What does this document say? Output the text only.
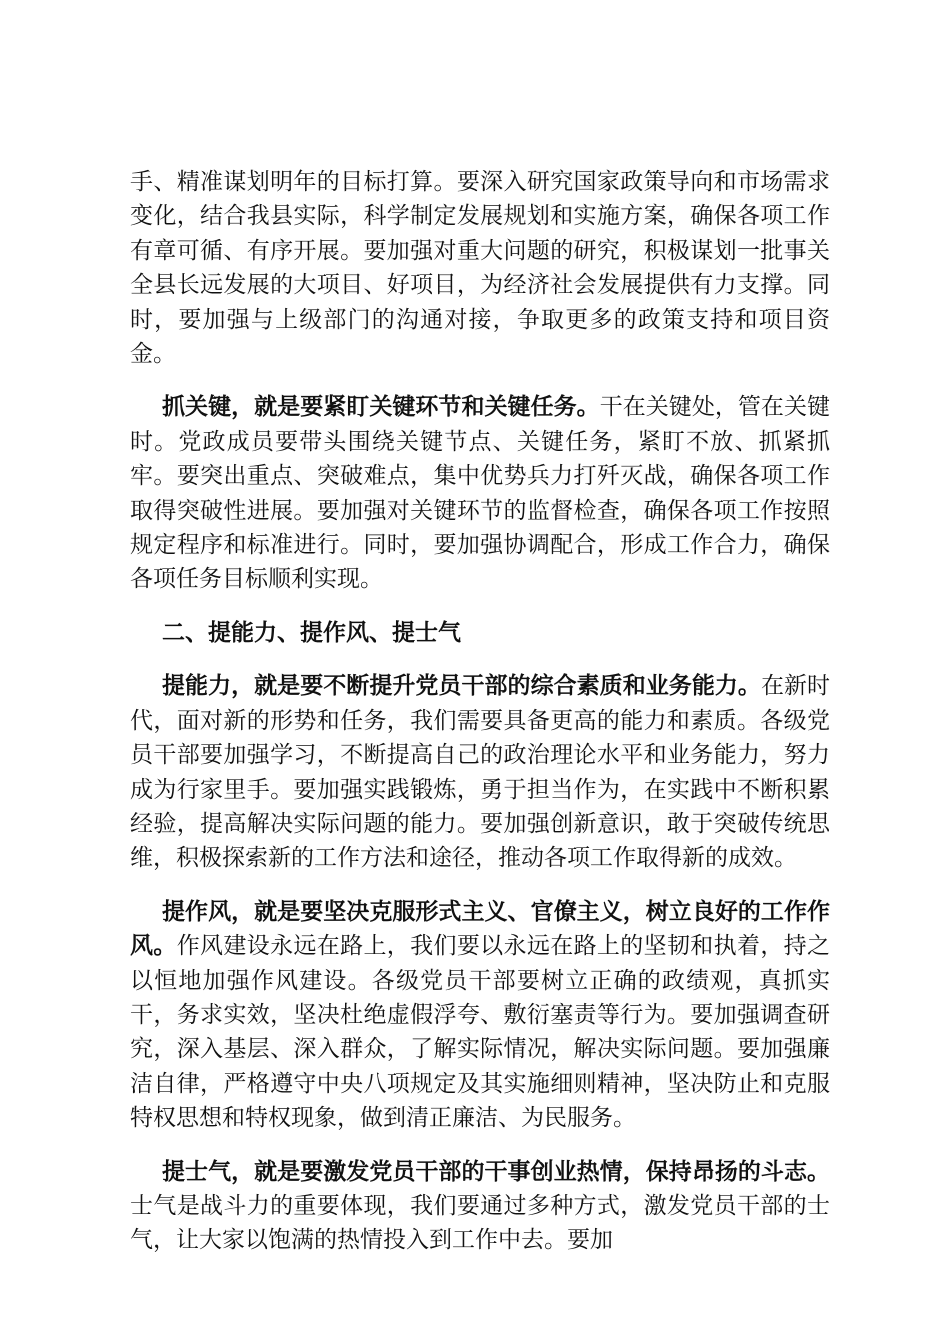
手、精准谋划明年的目标打算。要深入研究国家政策导向和市场需求变化，结合我县实际，科学制定发展规划和实施方案，确保各项工作有章可循、有序开展。要加强对重大问题的研究，积极谋划一批事关全县长远发展的大项目、好项目，为经济社会发展提供有力支撑。同时，要加强与上级部门的沟通对接，争取更多的政策支持和项目资金。

抓关键，就是要紧盯关键环节和关键任务。干在关键处，管在关键时。党政成员要带头围绕关键节点、关键任务，紧盯不放、抓紧抓牢。要突出重点、突破难点，集中优势兵力打歼灭战，确保各项工作取得突破性进展。要加强对关键环节的监督检查，确保各项工作按照规定程序和标准进行。同时，要加强协调配合，形成工作合力，确保各项任务目标顺利实现。

二、提能力、提作风、提士气

提能力，就是要不断提升党员干部的综合素质和业务能力。在新时代，面对新的形势和任务，我们需要具备更高的能力和素质。各级党员干部要加强学习，不断提高自己的政治理论水平和业务能力，努力成为行家里手。要加强实践锻炼，勇于担当作为，在实践中不断积累经验，提高解决实际问题的能力。要加强创新意识，敢于突破传统思维，积极探索新的工作方法和途径，推动各项工作取得新的成效。

提作风，就是要坚决克服形式主义、官僚主义，树立良好的工作作风。作风建设永远在路上，我们要以永远在路上的坚韧和执着，持之以恒地加强作风建设。各级党员干部要树立正确的政绩观，真抓实干，务求实效，坚决杜绝虚假浮夸、敷衍塞责等行为。要加强调查研究，深入基层、深入群众，了解实际情况，解决实际问题。要加强廉洁自律，严格遵守中央八项规定及其实施细则精神，坚决防止和克服特权思想和特权现象，做到清正廉洁、为民服务。

提士气，就是要激发党员干部的干事创业热情，保持昂扬的斗志。士气是战斗力的重要体现，我们要通过多种方式，激发党员干部的士气，让大家以饱满的热情投入到工作中去。要加
